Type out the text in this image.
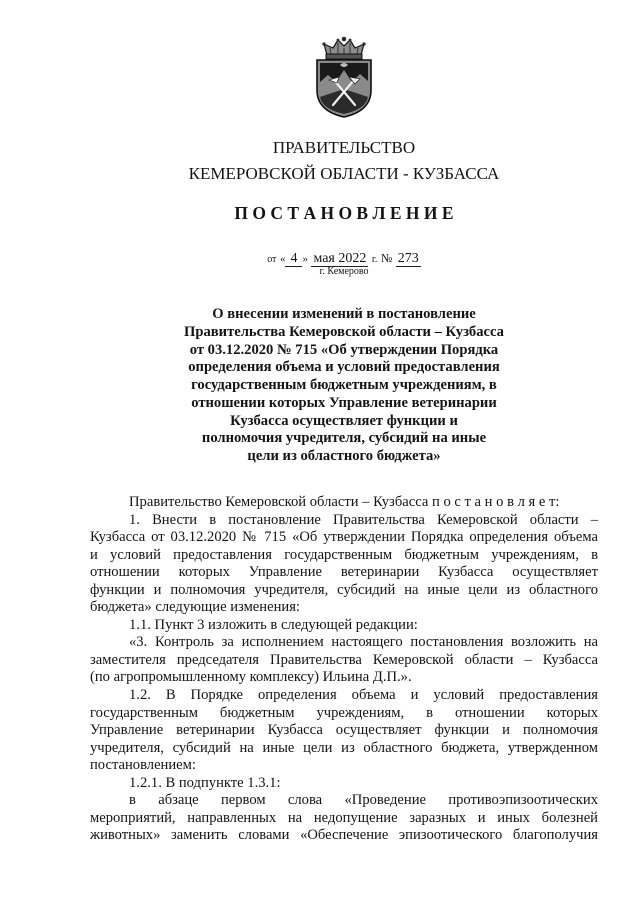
ПРАВИТЕЛЬСТВО
КЕМЕРОВСКОЙ ОБЛАСТИ - КУЗБАССА
П О С Т А Н О В Л Е Н И Е
от « 4 » мая 2022 г. № 273
г. Кемерово
О внесении изменений в постановление
Правительства Кемеровской области – Кузбасса
от 03.12.2020 № 715 «Об утверждении Порядка
определения объема и условий предоставления
государственным бюджетным учреждениям, в
отношении которых Управление ветеринарии
Кузбасса осуществляет функции и
полномочия учредителя, субсидий на иные
цели из областного бюджета»
Правительство Кемеровской области – Кузбасса п о с т а н о в л я е т:
1. Внести в постановление Правительства Кемеровской области –
Кузбасса от 03.12.2020 № 715 «Об утверждении Порядка определения объема
и условий предоставления государственным бюджетным учреждениям, в
отношении которых Управление ветеринарии Кузбасса осуществляет
функции и полномочия учредителя, субсидий на иные цели из областного
бюджета» следующие изменения:
1.1. Пункт 3 изложить в следующей редакции:
«3. Контроль за исполнением настоящего постановления возложить на
заместителя председателя Правительства Кемеровской области – Кузбасса
(по агропромышленному комплексу) Ильина Д.П.».
1.2. В Порядке определения объема и условий предоставления
государственным бюджетным учреждениям, в отношении которых
Управление ветеринарии Кузбасса осуществляет функции и полномочия
учредителя, субсидий на иные цели из областного бюджета, утвержденном
постановлением:
1.2.1. В подпункте 1.3.1:
в абзаце первом слова «Проведение противоэпизоотических
мероприятий, направленных на недопущение заразных и иных болезней
животных» заменить словами «Обеспечение эпизоотического благополучия
